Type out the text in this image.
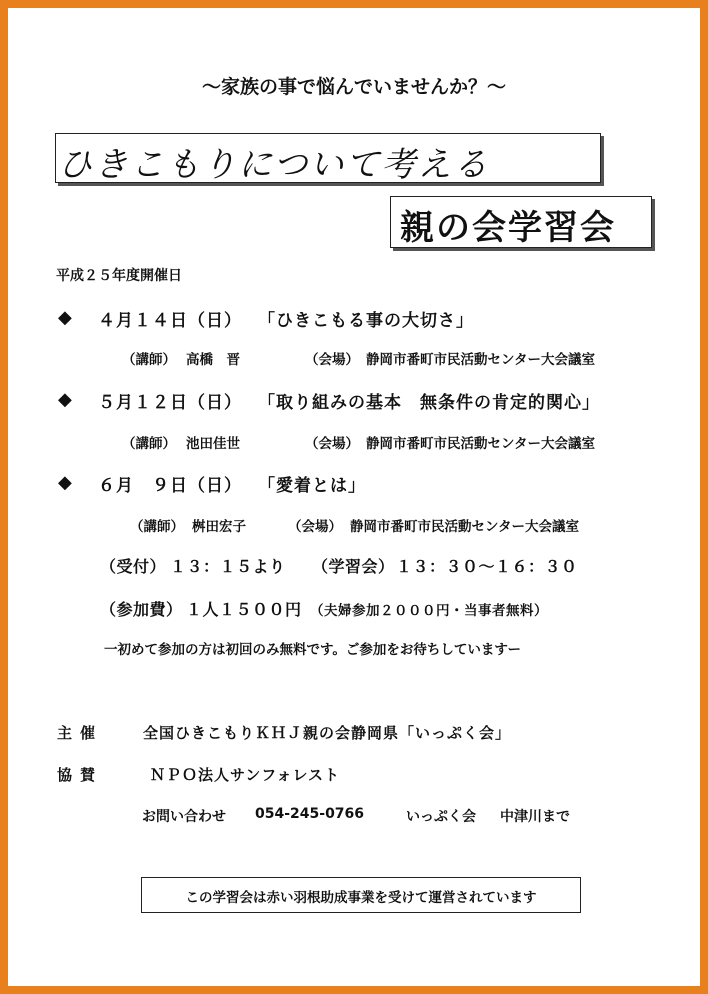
～家族の事で悩んでいませんか？～
ひきこもりについて考える
親の会学習会
平成２５年度開催日
◆ ４月１４日（日） 「ひきこもる事の大切さ」
（講師） 高橋　晋	（会場） 静岡市番町市民活動センター大会議室
◆ ５月１２日（日） 「取り組みの基本　無条件の肯定的関心」
（講師） 池田佳世	（会場） 静岡市番町市民活動センター大会議室
◆ ６月　９日（日） 「愛着とは」
（講師） 桝田宏子	（会場） 静岡市番町市民活動センター大会議室
（受付） １３：１５より （学習会） １３：３０～１６：３０
（参加費） １人１５００円 （夫婦参加２０００円・当事者無料）
一初めて参加の方は初回のみ無料です。ご参加をお待ちしていますー
主催	全国ひきこもりＫＨＪ親の会静岡県「いっぷく会」
協賛	ＮＰＯ法人サンフォレスト
お問い合わせ 054-245-0766	いっぷく会 中津川まで
この学習会は赤い羽根助成事業を受けて運営されています
